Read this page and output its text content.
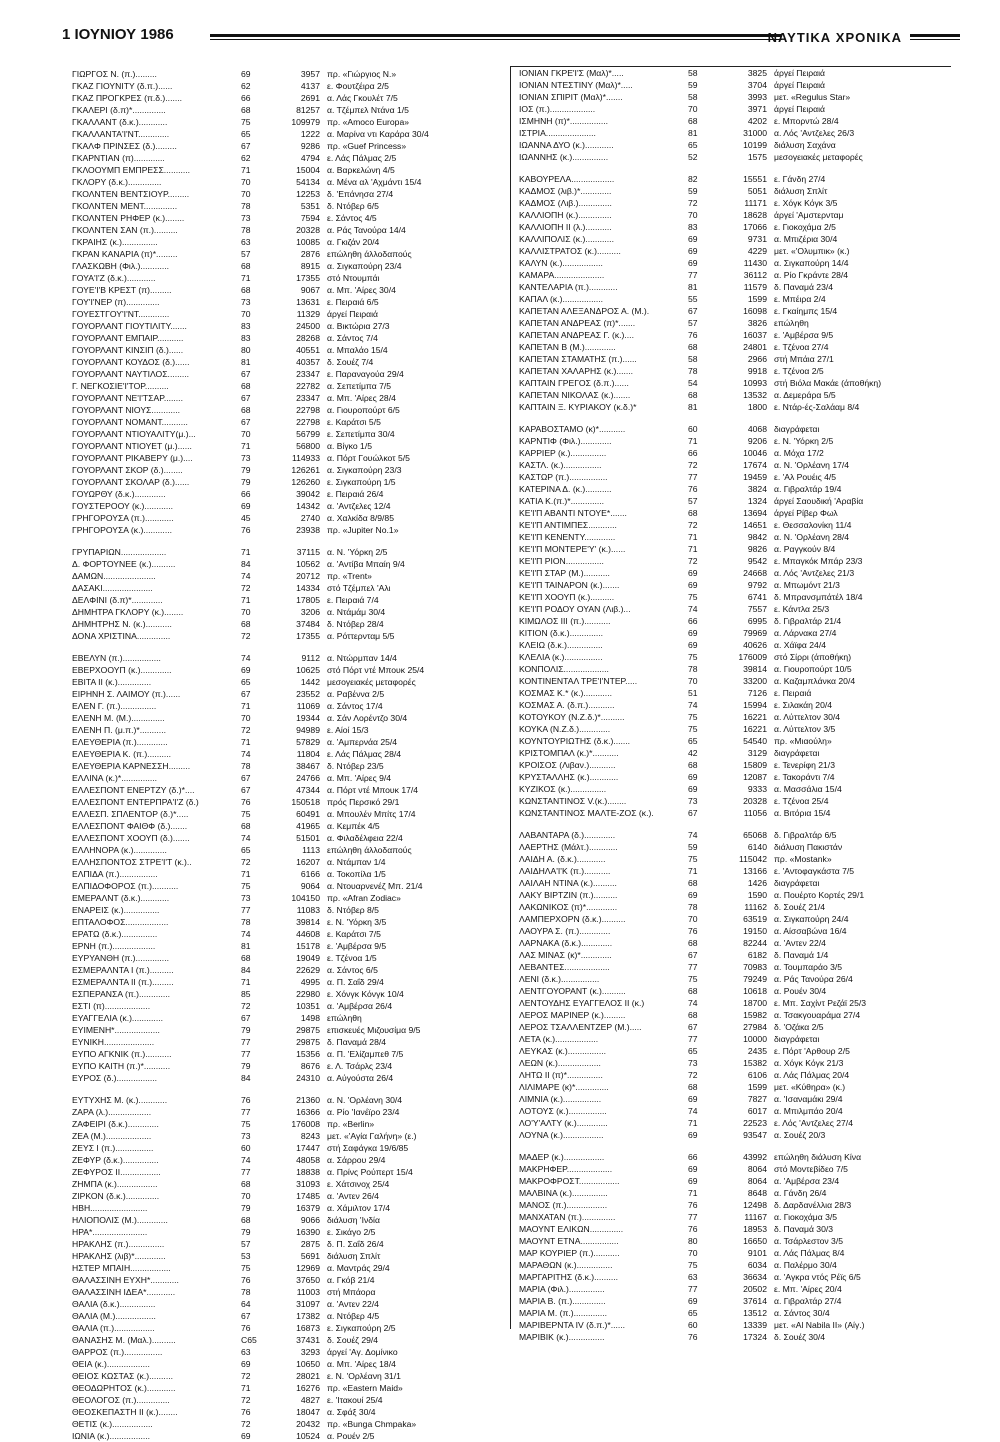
1 ΙΟΥΝΙΟΥ 1986	ΝΑΥΤΙΚΑ ΧΡΟΝΙΚΑ
ΓΙΩΡΓΟΣ Ν. (π.).........	69	3957 πρ. «Γιώργιος Ν.»
ΓΚΑΖ ΓΙΟΥΝΙΤΥ (δ.π.)......	62	4137 ε. Φουτζέιρα 2/5
ΓΚΑΖ ΠΡΟΓΚΡΕΣ (π.δ.).......	66	2691 α. Λάς Γκουλέτ 7/5
ΓΚΑΛΕΡΙ (δ.π)*..............	68	81257 α. Τζέμπελ Ντάνα 1/5
ΓΚΑΛΛΑΝΤ (δ.κ.)............	75	109979 πρ. «Amoco Europa»
ΓΚΑΛΛΑΝΤΑ'Ι'ΝΤ.............	65	1222 α. Μαρίνα ντι Καράρα 30/4
ΓΚΑΛΦ ΠΡΙΝΣΕΣ (δ.).........	67	9286 πρ. «Guef Princess»
ΓΚΑΡΝΤΙΑΝ (π).............	62	4794 ε. Λάς Πάλμας 2/5
ΓΚΛΟΟΥΜΠ ΕΜΠΡΕΣΣ...........	71	15004 α. Βαρκελώνη 4/5
ΓΚΛΟΡΥ (δ.κ.)..............	70	54134 α. Μένα αλ 'Αχμάντι 15/4
ΓΚΟΛΝΤΕΝ ΒΕΝΤΣΙΟΥΡ.........	70	12253 δ. 'Επάνησα 27/4
ΓΚΟΛΝΤΕΝ ΜΕΝΤ..............	78	5351 δ. Ντόβερ 6/5
ΓΚΟΛΝΤΕΝ ΡΗΦΕΡ (κ.)........	73	7594 ε. Σάντος 4/5
ΓΚΟΛΝΤΕΝ ΣΑΝ (π.)..........	78	20328 α. Ράς Τανούρα 14/4
ΓΚΡΑΙΗΣ (κ.)...............	63	10085 α. Γκιζάν 20/4
ΓΚΡΑΝ ΚΑΝΑΡΙΑ (π)*.........	57	2876 επώληθη άλλοδαπούς
ΓΛΑΣΚΩΒΗ (Φιλ.)............	68	8915 α. Σιγκαπούρη 23/4
ΓΟΥΑ'Ι'Ζ (δ.κ.)............	71	17355 στό Ντουμπάι
ΓΟΥΕ'Ι'Β ΚΡΕΣΤ (π).........	68	9067 α. Μπ. 'Αίρες 30/4
ΓΟΥ'Ι'ΝΕΡ (π)..............	73	13631 ε. Πειραιά 6/5
ΓΟΥΕΣΤΓΟΥ'Ι'ΝΤ.............	70	11329 άργεί Πειραιά
ΓΟΥΟΡΛΑΝΤ ΓΙΟΥΤΙΛΙΤΥ.......	83	24500 α. Βικτώρια 27/3
ΓΟΥΟΡΛΑΝΤ ΕΜΠΑΙΡ...........	83	28268 α. Σάντος 7/4
ΓΟΥΟΡΛΑΝΤ ΚΙΝΣΙΠ (δ.)......	80	40551 α. Μπαλάο 15/4
ΓΟΥΟΡΛΑΝΤ ΚΟΥΔΟΣ (δ.)......	81	40357 δ. Σουέζ 7/4
ΓΟΥΟΡΛΑΝΤ ΝΑΥΤΙΛΟΣ.........	67	23347 ε. Παραναγούα 29/4
Γ. ΝΕΓΚΟΣΙΕ'Ι'ΤΟΡ..........	68	22782 α. Σεπετίμπα 7/5
ΓΟΥΟΡΛΑΝΤ ΝΕ'Ι'ΤΣΑΡ........	67	23347 α. Μπ. 'Αίρες 28/4
ΓΟΥΟΡΛΑΝΤ ΝΙΟΥΣ............	68	22798 α. Γιουροπούρτ 6/5
ΓΟΥΟΡΛΑΝΤ ΝΟΜΑΝΤ...........	67	22798 ε. Καράτσι 5/5
ΓΟΥΟΡΛΑΝΤ ΝΤΙΟΥΑΛΙΤΥ(μ.)...	70	56799 ε. Σεπετίμπα 30/4
ΓΟΥΟΡΛΑΝΤ ΝΤΙΟΥΕΤ (μ.)......	71	56800 α. Βίγκο 1/5
ΓΟΥΟΡΛΑΝΤ ΡΙΚΑΒΕΡΥ (μ.)....	73	114933 α. Πόρτ Γουώλκοτ 5/5
ΓΟΥΟΡΛΑΝΤ ΣΚΟΡ (δ.)........	79	126261 α. Σιγκαπούρη 23/3
ΓΟΥΟΡΛΑΝΤ ΣΚΟΛΑΡ (δ.)......	79	126260 ε. Σιγκαπούρη 1/5
ΓΟΥΩΡΘΥ (δ.κ.).............	66	39042 ε. Πειραιά 26/4
ΓΟΥΣΤΕΡΟΟΥ (κ.)............	69	14342 α. 'Αντζελες 12/4
ΓΡΗΓΟΡΟΥΣΑ (π.)............	45	2740 α. Χαλκίδα 8/9/85
ΓΡΗΓΟΡΟΥΣΑ (κ.)............	76	23938 πρ. «Jupiter No.1»
ΓΡΥΠΑΡΙΩΝ...................	71	37115 α. Ν. 'Υόρκη 2/5
Δ. ΦΟΡΤΟΥΝΕΕ (κ.)..........	84	10562 α. 'Αντίβα Μπαίη 9/4
ΔΑΜΩΝ......................	74	20712 πρ. «Trent»
ΔΑΣΑΚΙ.....................	72	14334 στό Τζέμπελ 'Αλι
ΔΕΛΦΙΝΙ (δ.π)*.............	71	17805 ε. Πειραιά 7/4
ΔΗΜΗΤΡΑ ΓΚΛΟΡΥ (κ.)........	70	3206 α. Ντάμάμ 30/4
ΔΗΜΗΤΡΗΣ Ν. (κ.)...........	68	37484 δ. Ντόβερ 28/4
ΔΟΝΑ ΧΡΙΣΤΙΝΑ..............	72	17355 α. Ρόττερνταμ 5/5
ΕΒΕΛΥΝ (π.)................	74	9112 α. Ντώρμπαν 14/4
ΕΒΕΡΧΟΟΥΠ (κ.).............	69	10625 στό Πόρτ ντέ Μπουκ 25/4
ΕΒΙΤΑ ΙΙ (κ.)..............	65	1442 μεσογειακές μεταφορές
ΕΙΡΗΝΗ Σ. ΛΑΙΜΟΥ (π.)......	67	23552 α. Ραβέννα 2/5
ΕΛΕΝ Γ. (π.)...............	71	11069 α. Σάντος 17/4
ΕΛΕΝΗ Μ. (Μ.)..............	70	19344 α. Σάν Λορέντζο 30/4
ΕΛΕΝΗ Π. (μ.π.)*...........	72	94989 ε. Αίοί 15/3
ΕΛΕΥΘΕΡΙΑ (π.).............	71	57829 α. 'Αμπερνάα 25/4
ΕΛΕΥΘΕΡΙΑ Κ. (π.)..........	74	11804 ε. Λάς Πάλμας 28/4
ΕΛΕΥΘΕΡΙΑ ΚΑΡΝΕΣΣΗ.........	78	38467 δ. Ντόβερ 23/5
ΕΛΛΙΝΑ (κ.)*...............	67	24766 α. Μπ. 'Αίρες 9/4
ΕΛΛΕΣΠΟΝΤ ΕΝΕΡΤΖΥ (δ.)*....	67	47344 α. Πόρτ ντέ Μπουκ 17/4
ΕΛΛΕΣΠΟΝΤ ΕΝΤΕΡΠΡΑ'Ι'Ζ (δ.)	76	150518 πρός Περσικό 29/1
ΕΛΛΕΣΠ. ΣΠΛΕΝΤΟΡ (δ.)*.....	75	60491 α. Μπουλέν Μπίτς 17/4
ΕΛΛΕΣΠΟΝΤ ΦΑΙΘΦ (δ.).......	68	41965 α. Κεμπέκ 4/5
ΕΛΛΕΣΠΟΝΤ ΧΟΟΥΠ (δ.).......	74	51501 α. Φιλαδέλφεια 22/4
ΕΛΛΗΝΟΡΑ (κ.)..............	65	1113 επώληθη άλλοδαπούς
ΕΛΛΗΣΠΟΝΤΟΣ ΣΤΡΕ'Ι'Τ (κ.)..	72	16207 α. Ντάμπαν 1/4
ΕΛΠΙΔΑ (π.)................	71	6166 α. Τοκοπίλα 1/5
ΕΛΠΙΔΟΦΟΡΟΣ (π.)...........	75	9064 α. Ντουαρνενέζ Μπ. 21/4
ΕΜΕΡΑΛΝΤ (δ.κ.)............	73	104150 πρ. «Afran Zodiac»
ΕΝΑΡΕΙΣ (κ.)...............	77	11083 δ. Ντόβερ 8/5
ΕΠΤΑΛΟΦΟΣ..................	78	39814 ε. Ν. 'Υόρκη 3/5
ΕΡΑΤΩ (δ.κ.)...............	74	44608 ε. Καράτσι 7/5
ΕΡΝΗ (π.)..................	81	15178 ε. 'Αμβέρσα 9/5
ΕΥΡΥΑΝΘΗ (π.)..............	68	19049 ε. Τζένοα 1/5
ΕΣΜΕΡΑΛΝΤΑ Ι (π.)..........	84	22629 α. Σάντος 6/5
ΕΣΜΕΡΑΛΝΤΑ ΙΙ (π.).........	71	4995 α. Π. Σαΐδ 29/4
ΕΣΠΕΡΑΝΣΑ (π.).............	85	22980 ε. Χόνγκ Κόνγκ 10/4
ΕΣΤΙ (π)...................	72	10351 α. 'Αμβέρσα 26/4
ΕΥΑΓΓΕΛΙΑ (κ.).............	67	1498 επώληθη
ΕΥΙΜΕΝΗ*...................	79	29875 επισκευές Μιζουσίμα 9/5
ΕΥΝΙΚΗ.....................	77	29875 δ. Παναμά 28/4
ΕΥΠΟ ΑΓΚΝΙΚ (π.)...........	77	15356 α. Π. 'Ελίζαμπεθ 7/5
ΕΥΠΟ ΚΑΙΤΗ (π.)*...........	79	8676 ε. Λ. Τσάρλς 23/4
ΕΥΡΟΣ (δ.).................	84	24310 α. Αύγούστα 26/4
ΕΥΤΥΧΗΣ Μ. (κ.)............	76	21360 α. Ν. 'Ορλέανη 30/4
ΖΑΡΑ (λ.)..................	77	16366 α. Ρίο 'Ιανέϊρο 23/4
ΖΑΦΕΙΡΙ (δ.κ.).............	75	176008 πρ. «Berlin»
ΖΕΑ (Μ.)...................	73	8243 μετ. «'Αγία Γαλήνη» (ε.)
ΖΕΥΣ Ι (π.)................	60	17447 στή Σαφάγκα 19/6/85
ΖΕΦΥΡ (δ.κ.)...............	74	48058 α. Σάρρου 29/4
ΖΕΦΥΡΟΣ ΙΙ.................	77	18838 α. Πρίνς Ρούπερτ 15/4
ΖΗΜΠΑ (κ.).................	68	31093 ε. Χάτσινοχ 25/4
ΖΙΡΚΟΝ (δ.κ.)..............	70	17485 α. 'Αντεν 26/4
ΗΒΗ........................	79	16379 α. Χάμιλτον 17/4
ΗΛΙΟΠΟΛΙΣ (Μ.).............	68	9066 διάλυση 'Ινδία
ΗΡΑ*.......................	79	16390 ε. Σικάγο 2/5
ΗΡΑΚΛΗΣ (π.)...............	57	2875 δ. Π. Σαΐδ 26/4
ΗΡΑΚΛΗΣ (λιβ)*.............	53	5691 διάλυση Σπλίτ
ΗΣΤΕΡ ΜΠΑΙΗ.................	75	12969 α. Μαντράς 29/4
ΘΑΛΑΣΣΙΝΗ ΕΥΧΗ*............	76	37650 α. Γκόβ 21/4
ΘΑΛΑΣΣΙΝΗ ΙΔΕΑ*............	78	11003 στή Μπάορα
ΘΑΛΙΑ (δ.κ.)...............	64	31097 α. 'Αντεν 22/4
ΘΑΛΙΑ (Μ.).................	67	17382 α. Ντόβερ 4/5
ΘΑΛΙΑ (π.).................	76	16873 ε. Σιγκαπούρη 2/5
ΘΑΝΑΣΗΣ Μ. (Μαλ.)..........	C65	37431 δ. Σουέζ 29/4
ΘΑΡΡΟΣ (π.)................	63	3293 άργεί 'Αγ. Δομίνικο
ΘΕΙΑ (κ.)..................	69	10650 α. Μπ. 'Αίρες 18/4
ΘΕΙΟΣ ΚΩΣΤΑΣ (κ.)..........	72	28021 ε. Ν. 'Ορλέανη 31/1
ΘΕΟΔΩΡΗΤΟΣ (κ.)............	71	16276 πρ. «Eastern Maid»
ΘΕΟΛΟΓΟΣ (π.)..............	72	4827 ε. 'Ιτακουί 25/4
ΘΕΟΣΚΕΠΑΣΤΗ ΙΙ (κ.)........	76	18047 α. Σφάξ 30/4
ΘΕΤΙΣ (κ.).................	72	20432 πρ. «Bunga Chmpaka»
ΙΩΝΙΑ (κ.).................	69	10524 α. Ρουέν 2/5
ΙΟΝΙΑΝ ΓΚΡΕ'Ι'Σ (Μαλ)*.....	58	3825 άργεί Πειραιά
ΙΟΝΙΑΝ ΝΤΕΣΤΙΝΥ (Μαλ)*.....	59	3704 άργεί Πειραιά
ΙΟΝΙΑΝ ΣΠΙΡΙΤ (Μαλ)*.......	58	3993 μετ. «Regulus Star»
ΙΟΣ (π.)...................	70	3971 άργεί Πειραιά
ΙΣΜΗΝΗ (π)*................	68	4202 ε. Μπορντώ 28/4
ΙΣΤΡΙΑ.....................	81	31000 α. Λός 'Αντζελες 26/3
ΙΩΑΝΝΑ ΔΥΟ (κ.)............	65	10199 διάλυση Σαχάνα
ΙΩΑΝΝΗΣ (κ.)...............	52	1575 μεσογειακές μεταφορές
ΚΑΒΟΥΡΕΛΑ..................	82	15551 ε. Γάνδη 27/4
ΚΑΔΜΟΣ (λιβ.)*.............	59	5051 διάλυση Σπλίτ
ΚΑΔΜΟΣ (Λιβ.)..............	72	11171 ε. Χόγκ Κόγκ 3/5
ΚΑΛΛΙΟΠΗ (κ.)..............	70	18628 άργεί 'Αμστερνταμ
ΚΑΛΛΙΟΠΗ ΙΙ (λ.)...........	83	17066 ε. Γιοκοχάμα 2/5
ΚΑΛΛΙΠΟΛΙΣ (κ.)............	69	9731 α. Μπιζέρια 30/4
ΚΑΛΛΙΣΤΡΑΤΟΣ (κ.)..........	69	4229 μετ. «'Ολυμπικ» (κ.)
ΚΑΛΥΝ (κ.).................	69	11430 α. Σιγκαπούρη 14/4
ΚΑΜΑΡΑ.....................	77	36112 α. Ρίο Γκράντε 28/4
ΚΑΝΤΕΛΑΡΙΑ (π.)............	81	11579 δ. Παναμά 23/4
ΚΑΠΑΛ (κ.).................	55	1599 ε. Μπέιρα 2/4
ΚΑΠΕΤΑΝ ΑΛΕΞΑΝΔΡΟΣ Α. (Μ.).	67	16098 ε. Γκαίημπς 15/4
ΚΑΠΕΤΑΝ ΑΝΔΡΕΑΣ (π)*.......	57	3826 επώληθη
ΚΑΠΕΤΑΝ ΑΝΔΡΕΑΣ Γ. (κ.)....	76	16037 ε. 'Αμβέρσα 9/5
ΚΑΠΕΤΑΝ Β (Μ.).............	68	24801 ε. Τζένοα 27/4
ΚΑΠΕΤΑΝ ΣΤΑΜΑΤΗΣ (π.)......	58	2966 στή Μπάια 27/1
ΚΑΠΕΤΑΝ ΧΑΛΑΡΗΣ (κ.).......	78	9918 ε. Τζένοα 2/5
ΚΑΠΤΑΙΝ ΓΡΕΓΟΣ (δ.π.)......	54	10993 στή Βιόλα Μακάε (άποθήκη)
ΚΑΠΕΤΑΝ ΝΙΚΟΛΑΣ (κ.).......	68	13532 α. Δεμεράρα 5/5
ΚΑΠΤΑΙΝ Ξ. ΚΥΡΙΑΚΟΥ (κ.δ.)*	81	1800 ε. Ντάρ-ές-Σαλάαμ 8/4
ΚΑΡΑΒΟΣΤΑΜΟ (κ)*...........	60	4068 διαγράφεται
ΚΑΡΝΤΙΦ (Φιλ.).............	71	9206 ε. Ν. 'Υόρκη 2/5
ΚΑΡΡΙΕΡ (κ.)...............	66	10046 α. Μόχα 17/2
ΚΑΣΤΛ. (κ.)................	72	17674 α. Ν. 'Ορλέανη 17/4
ΚΑΣΤΩΡ (π.)................	77	19459 ε. 'Αλ Ρουέις 4/5
ΚΑΤΕΡΙΝΑ Δ. (κ.)...........	76	3824 α. Γιβραλτάρ 19/4
ΚΑΤΙΑ Κ.(π.)*..............	57	1324 άργεί Σαουδική 'Αραβία
ΚΕ'Ι'Π ΑΒΑΝΤΙ ΝΤΟΥΕ*.......	68	13694 άργεί Ρίβερ Φωλ
ΚΕ'Ι'Π ΑΝΤΙΜΠΕΣ............	72	14651 ε. Θεσσαλονίκη 11/4
ΚΕ'Ι'Π ΚΕΝΕΝΤΥ.............	71	9842 α. Ν. 'Ορλέανη 28/4
ΚΕ'Ι'Π ΜΟΝΤΕΡΕ'Υ' (κ.)......	71	9826 α. Ραγγκούν 8/4
ΚΕ'Ι'Π ΡΙΟΝ................	72	9542 ε. Μπαγκόκ Μπάρ 23/3
ΚΕ'Ι'Π ΣΤΑΡ (Μ.)...........	69	24668 α. Λός 'Αντζελες 21/3
ΚΕ'Ι'Π ΤΑΙΝΑΡΟΝ (κ.).......	69	9792 α. Μπωμόντ 21/3
ΚΕ'Ι'Π ΧΟΟΥΠ (κ.)..........	75	6741 δ. Μπρανσμπάτέλ 18/4
ΚΕ'Ι'Π ΡΟΔΟΥ ΟΥΑΝ (Λιβ.)...	74	7557 ε. Κάντλα 25/3
ΚΙΜΩΛΟΣ ΙΙΙ (π.)...........	66	6995 δ. Γιβραλτάρ 21/4
ΚΙΤΙΟΝ (δ.κ.)..............	69	79969 α. Λάρνακα 27/4
ΚΛΕΙΩ (δ.κ.)...............	69	40626 α. Χάϊφα 24/4
ΚΛΕΛΙΑ (κ.)................	75	176009 στό Σίρρι (άποθήκη)
ΚΟΝΠΟΛΙΣ...................	78	39814 α. Γιουροπούρτ 10/5
ΚΟΝΤΙΝΕΝΤΑΛ ΤΡΕ'Ι'ΝΤΕΡ.....	70	33200 α. Καζαμπλάνκα 20/4
ΚΟΣΜΑΣ Κ.* (κ.)............	51	7126 ε. Πειραιά
ΚΟΣΜΑΣ Α. (δ.π.)...........	74	15994 ε. Σιλακάη 20/4
ΚΟΤΟΥΚΟΥ (Ν.Ζ.δ.)*..........	75	16221 α. Λύττελτον 30/4
ΚΟΥΚΑ (Ν.Ζ.δ.).............	75	16221 α. Λύττελτον 3/5
ΚΟΥΝΤΟΥΡΙΩΤΗΣ (δ.κ.).......	65	54540 πρ. «Μιαούλη»
ΚΡΙΣΤΟΜΠΑΛ (κ.)*...........	42	3129 διαγράφεται
ΚΡΟΙΣΟΣ (Λιβαν.)...........	68	15809 ε. Τενερίφη 21/3
ΚΡΥΣΤΑΛΛΗΣ (κ.)............	69	12087 ε. Τακοράντι 7/4
ΚΥΖΙΚΟΣ (κ.)...............	69	9333 α. Μασσάλια 15/4
ΚΩΝΣΤΑΝΤΙΝΟΣ V.(κ.)........	73	20328 ε. Τζένοα 25/4
ΚΩΝΣΤΑΝΤΙΝΟΣ ΜΑΛΤΕ-ΖΟΣ (κ.).	67	11056 α. Βιτόρια 15/4
ΛΑΒΑΝΤΑΡΑ (δ.).............	74	65068 δ. Γιβραλτάρ 6/5
ΛΑΕΡΤΗΣ (Μάλτ.)............	59	6140 διάλυση Πακιστάν
ΛΑΙΔΗ Α. (δ.κ.)............	75	115042 πρ. «Mostank»
ΛΑΙΔΗΛΑ'Ι'Κ (π.)...........	71	13166 ε. 'Αντοφαγκάστα 7/5
ΛΑΙΛΑΗ ΝΤΙΝΑ (κ.)..........	68	1426 διαγράφεται
ΛΑΚΥ ΒΙΡΤΖΙΝ (π.)..........	69	1590 α. Πουέρτο Κορτές 29/1
ΛΑΚΩΝΙΚΟΣ (π)*.............	78	11162 δ. Σουέζ 21/4
ΛΑΜΠΕΡΧΟΡΝ (δ.κ.)..........	70	63519 α. Σιγκαπούρη 24/4
ΛΑΟΥΡΑ Σ. (π.).............	76	19150 α. Αίσσαβώνα 16/4
ΛΑΡΝΑΚΑ (δ.κ.).............	68	82244 α. 'Αντεν 22/4
ΛΑΣ ΜΙΝΑΣ (κ)*.............	67	6182 δ. Παναμά 1/4
ΛΕΒΑΝΤΕΣ...................	77	70983 α. Τουμπαράο 3/5
ΛΕΝΙ (δ.κ.)................	75	79249 α. Ράς Τανούρα 26/4
ΛΕΝΤΓΟΥΟΡΑΝΤ (κ.)..........	68	10618 α. Ρουέν 30/4
ΛΕΝΤΟΥΔΗΣ ΕΥΑΓΓΕΛΟΣ ΙΙ (κ.)	74	18700 ε. Μπ. Σαχίντ Ρεζάϊ 25/3
ΛΕΡΟΣ ΜΑΡΙΝΕΡ (κ.).........	68	15982 α. Τσακγουαράμα 27/4
ΛΕΡΟΣ ΤΣΑΛΛΕΝΤΖΕΡ (Μ.).....	67	27984 δ. 'Οζάκα 2/5
ΛΕΤΑ (κ.)..................	77	10000 διαγράφεται
ΛΕΥΚΑΣ (κ.)................	65	2435 ε. Πόρτ 'Αρθουρ 2/5
ΛΕΩΝ (κ.)..................	73	15382 α. Χόγκ Κόγκ 21/3
ΛΗΤΩ ΙΙ (π)*...............	72	6106 α. Λάς Πάλμας 20/4
ΛΙΛΙΜΑΡΕ (κ)*..............	68	1599 μετ. «Κύθηρα» (κ.)
ΛΙΜΝΙΑ (κ.)................	69	7827 α. 'Ισαναμάκι 29/4
ΛΟΤΟΥΣ (κ.)................	74	6017 α. Μπιλμπάο 20/4
ΛΟ'Υ'ΑΛΤΥ (κ.).............	71	22523 ε. Λός 'Αντζελες 27/4
ΛΟΥΝΑ (κ.).................	69	93547 α. Σουέζ 20/3
ΜΑΔΕΡ (κ.).................	66	43992 επώληθη διάλυση Κίνα
ΜΑΚΡΗΦΕΡ...................	69	8064 στό Μοντεβίδεο 7/5
ΜΑΚΡΟΦΡΟΣΤ.................	69	8064 α. 'Αμβέρσα 23/4
ΜΑΛΒΙΝΑ (κ.)...............	71	8648 α. Γάνδη 26/4
ΜΑΝΟΣ (π.).................	76	12498 δ. Δαρδανέλλια 28/3
ΜΑΝΧΑΤΑΝ (π.)..............	77	11167 α. Γιοκοχάμα 3/5
ΜΑΟΥΝΤ ΕΛΙΚΩΝ..............	76	18953 δ. Παναμά 30/3
ΜΑΟΥΝΤ ΕΤΝΑ................	80	16650 α. Τσάρλεστον 3/5
ΜΑΡ ΚΟΥΡΙΕΡ (π.)...........	70	9101 α. Λάς Πάλμας 8/4
ΜΑΡΑΘΩΝ (κ.)...............	75	6034 α. Παλέρμο 30/4
ΜΑΡΓΑΡΙΤΗΣ (δ.κ.)..........	63	36634 α. 'Αγκρα ντός Ρέϊς 6/5
ΜΑΡΙΑ (Φιλ.)...............	77	20502 ε. Μπ. 'Αίρες 20/4
ΜΑΡΙΑ Β. (π.)..............	69	37614 α. Γιβραλτάρ 27/4
ΜΑΡΙΑ Μ. (π.)..............	65	13512 α. Σάντος 30/4
ΜΑΡΙΒΕΡΝΤΑ ΙV (δ.π.)*......	60	13339 μετ. «Al Nabila II» (Αίγ.)
ΜΑΡΙΒΙΚ (κ.)...............	76	17324 δ. Σουέζ 30/4
